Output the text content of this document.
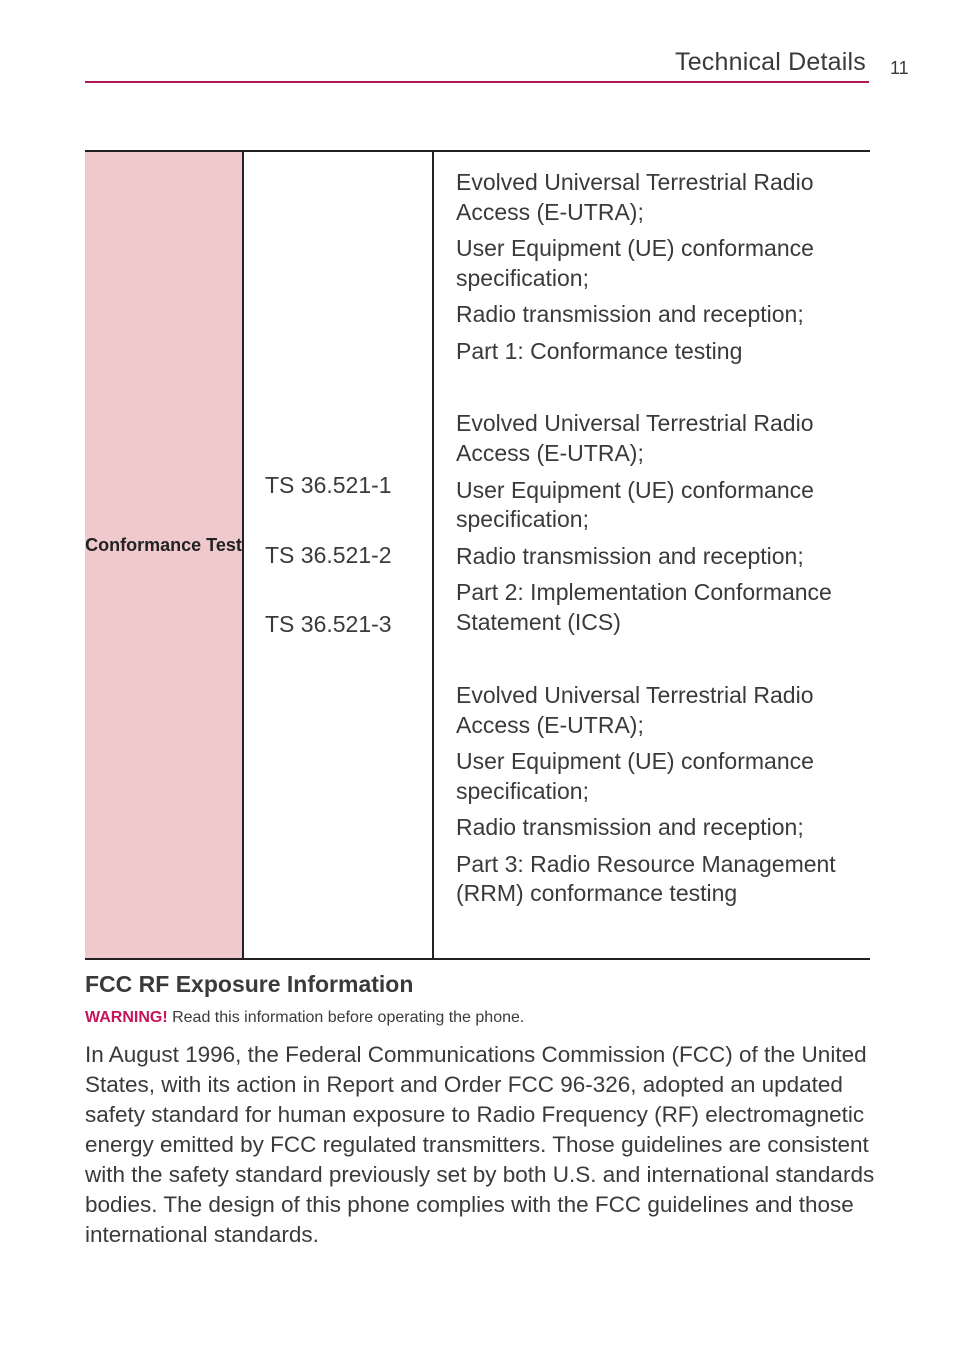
Technical Details 11
Conformance Test
TS 36.521-1
TS 36.521-2
TS 36.521-3
Evolved Universal Terrestrial Radio
Access (E-UTRA);
User Equipment (UE) conformance
specification;
Radio transmission and reception;
Part 1: Conformance testing
Evolved Universal Terrestrial Radio
Access (E-UTRA);
User Equipment (UE) conformance
specification;
Radio transmission and reception;
Part 2: Implementation Conformance
Statement (ICS)
Evolved Universal Terrestrial Radio
Access (E-UTRA);
User Equipment (UE) conformance
specification;
Radio transmission and reception;
Part 3: Radio Resource Management
(RRM) conformance testing
FCC RF Exposure Information
WARNING! Read this information before operating the phone.
In August 1996, the Federal Communications Commission (FCC) of the United States, with its action in Report and Order FCC 96-326, adopted an updated safety standard for human exposure to Radio Frequency (RF) electromagnetic energy emitted by FCC regulated transmitters. Those guidelines are consistent with the safety standard previously set by both U.S. and international standards bodies. The design of this phone complies with the FCC guidelines and those international standards.
